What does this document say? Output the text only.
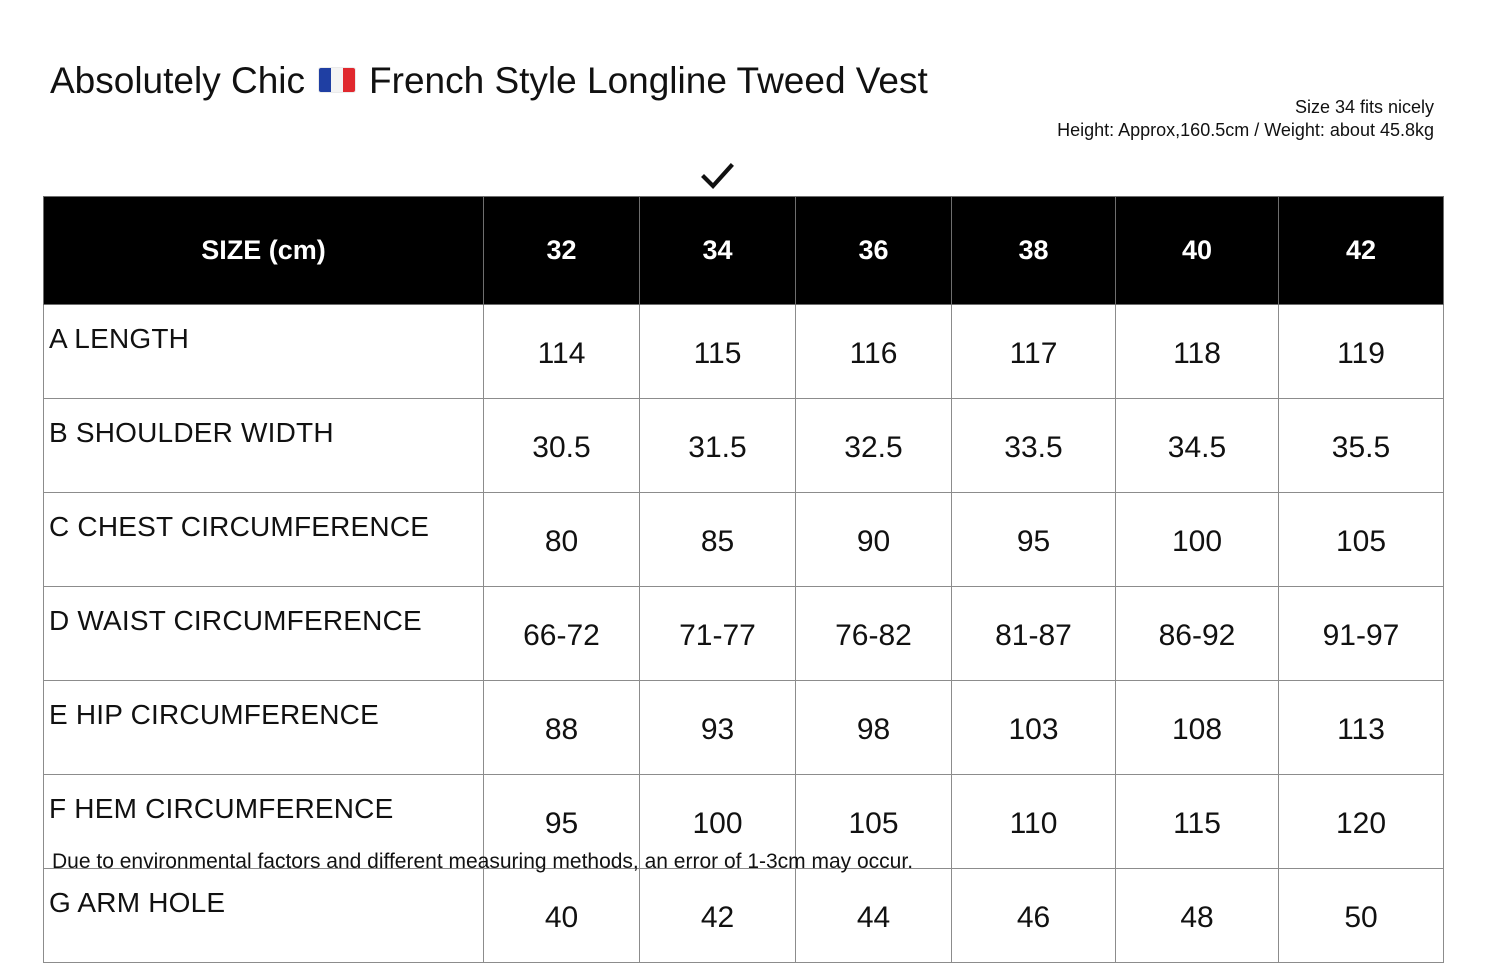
Absolutely Chic French Style Longline Tweed Vest
Size 34 fits nicely
Height: Approx,160.5cm / Weight: about 45.8kg
SIZE (cm)	32	34	36	38	40	42
A LENGTH	114	115	116	117	118	119
B SHOULDER WIDTH	30.5	31.5	32.5	33.5	34.5	35.5
C CHEST CIRCUMFERENCE	80	85	90	95	100	105
D WAIST CIRCUMFERENCE	66-72	71-77	76-82	81-87	86-92	91-97
E HIP CIRCUMFERENCE	88	93	98	103	108	113
F HEM CIRCUMFERENCE	95	100	105	110	115	120
G ARM HOLE	40	42	44	46	48	50
Due to environmental factors and different measuring methods, an error of 1-3cm may occur.
